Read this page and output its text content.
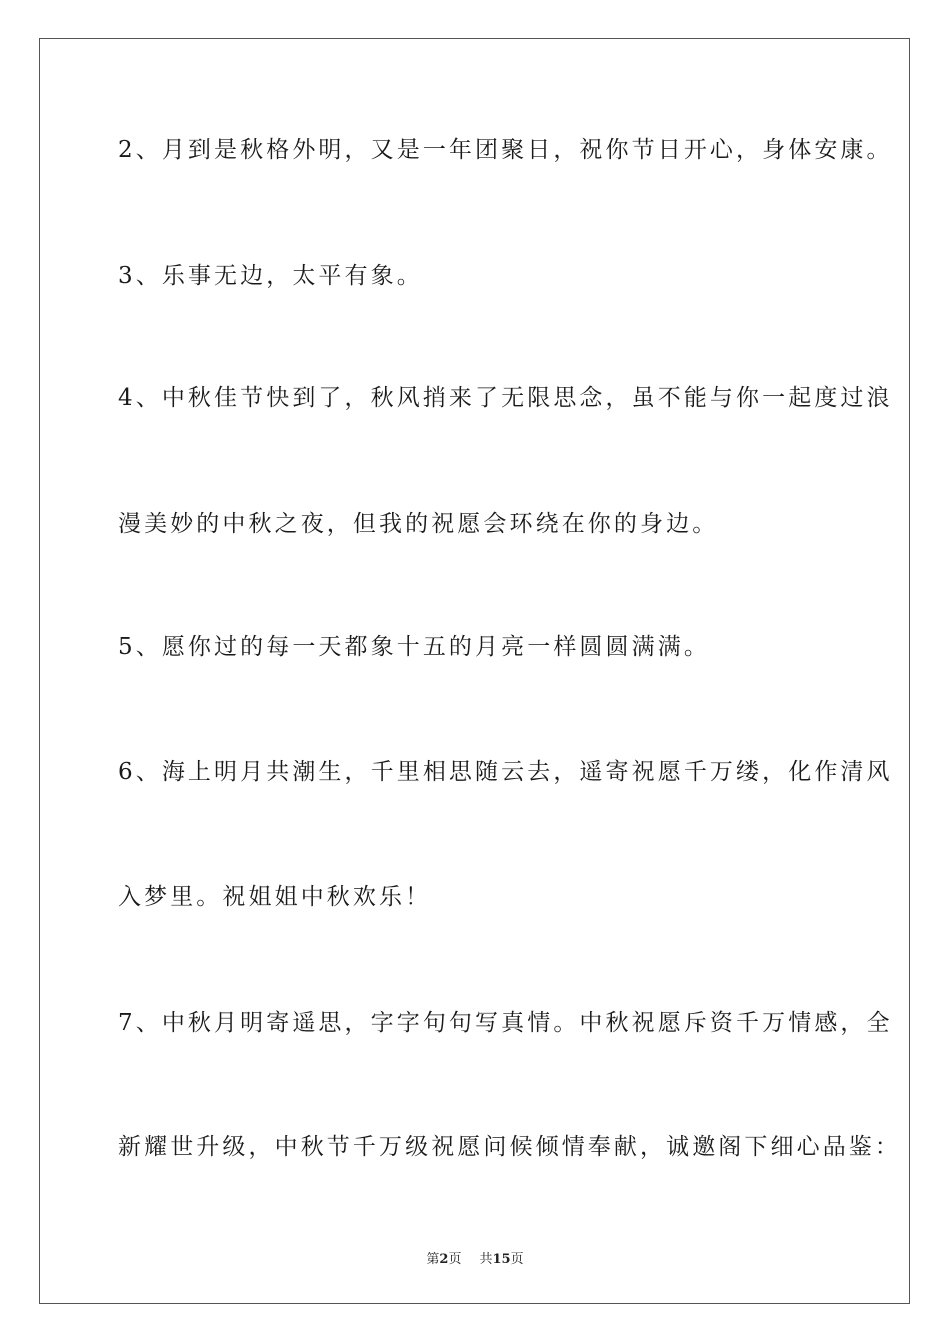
2、月到是秋格外明，又是一年团聚日，祝你节日开心，身体安康。
3、乐事无边，太平有象。
4、中秋佳节快到了，秋风捎来了无限思念，虽不能与你一起度过浪
漫美妙的中秋之夜，但我的祝愿会环绕在你的身边。
5、愿你过的每一天都象十五的月亮一样圆圆满满。
6、海上明月共潮生，千里相思随云去，遥寄祝愿千万缕，化作清风
入梦里。祝姐姐中秋欢乐！
7、中秋月明寄遥思，字字句句写真情。中秋祝愿斥资千万情感，全
新耀世升级，中秋节千万级祝愿问候倾情奉献，诚邀阁下细心品鉴：
第2页 共15页
